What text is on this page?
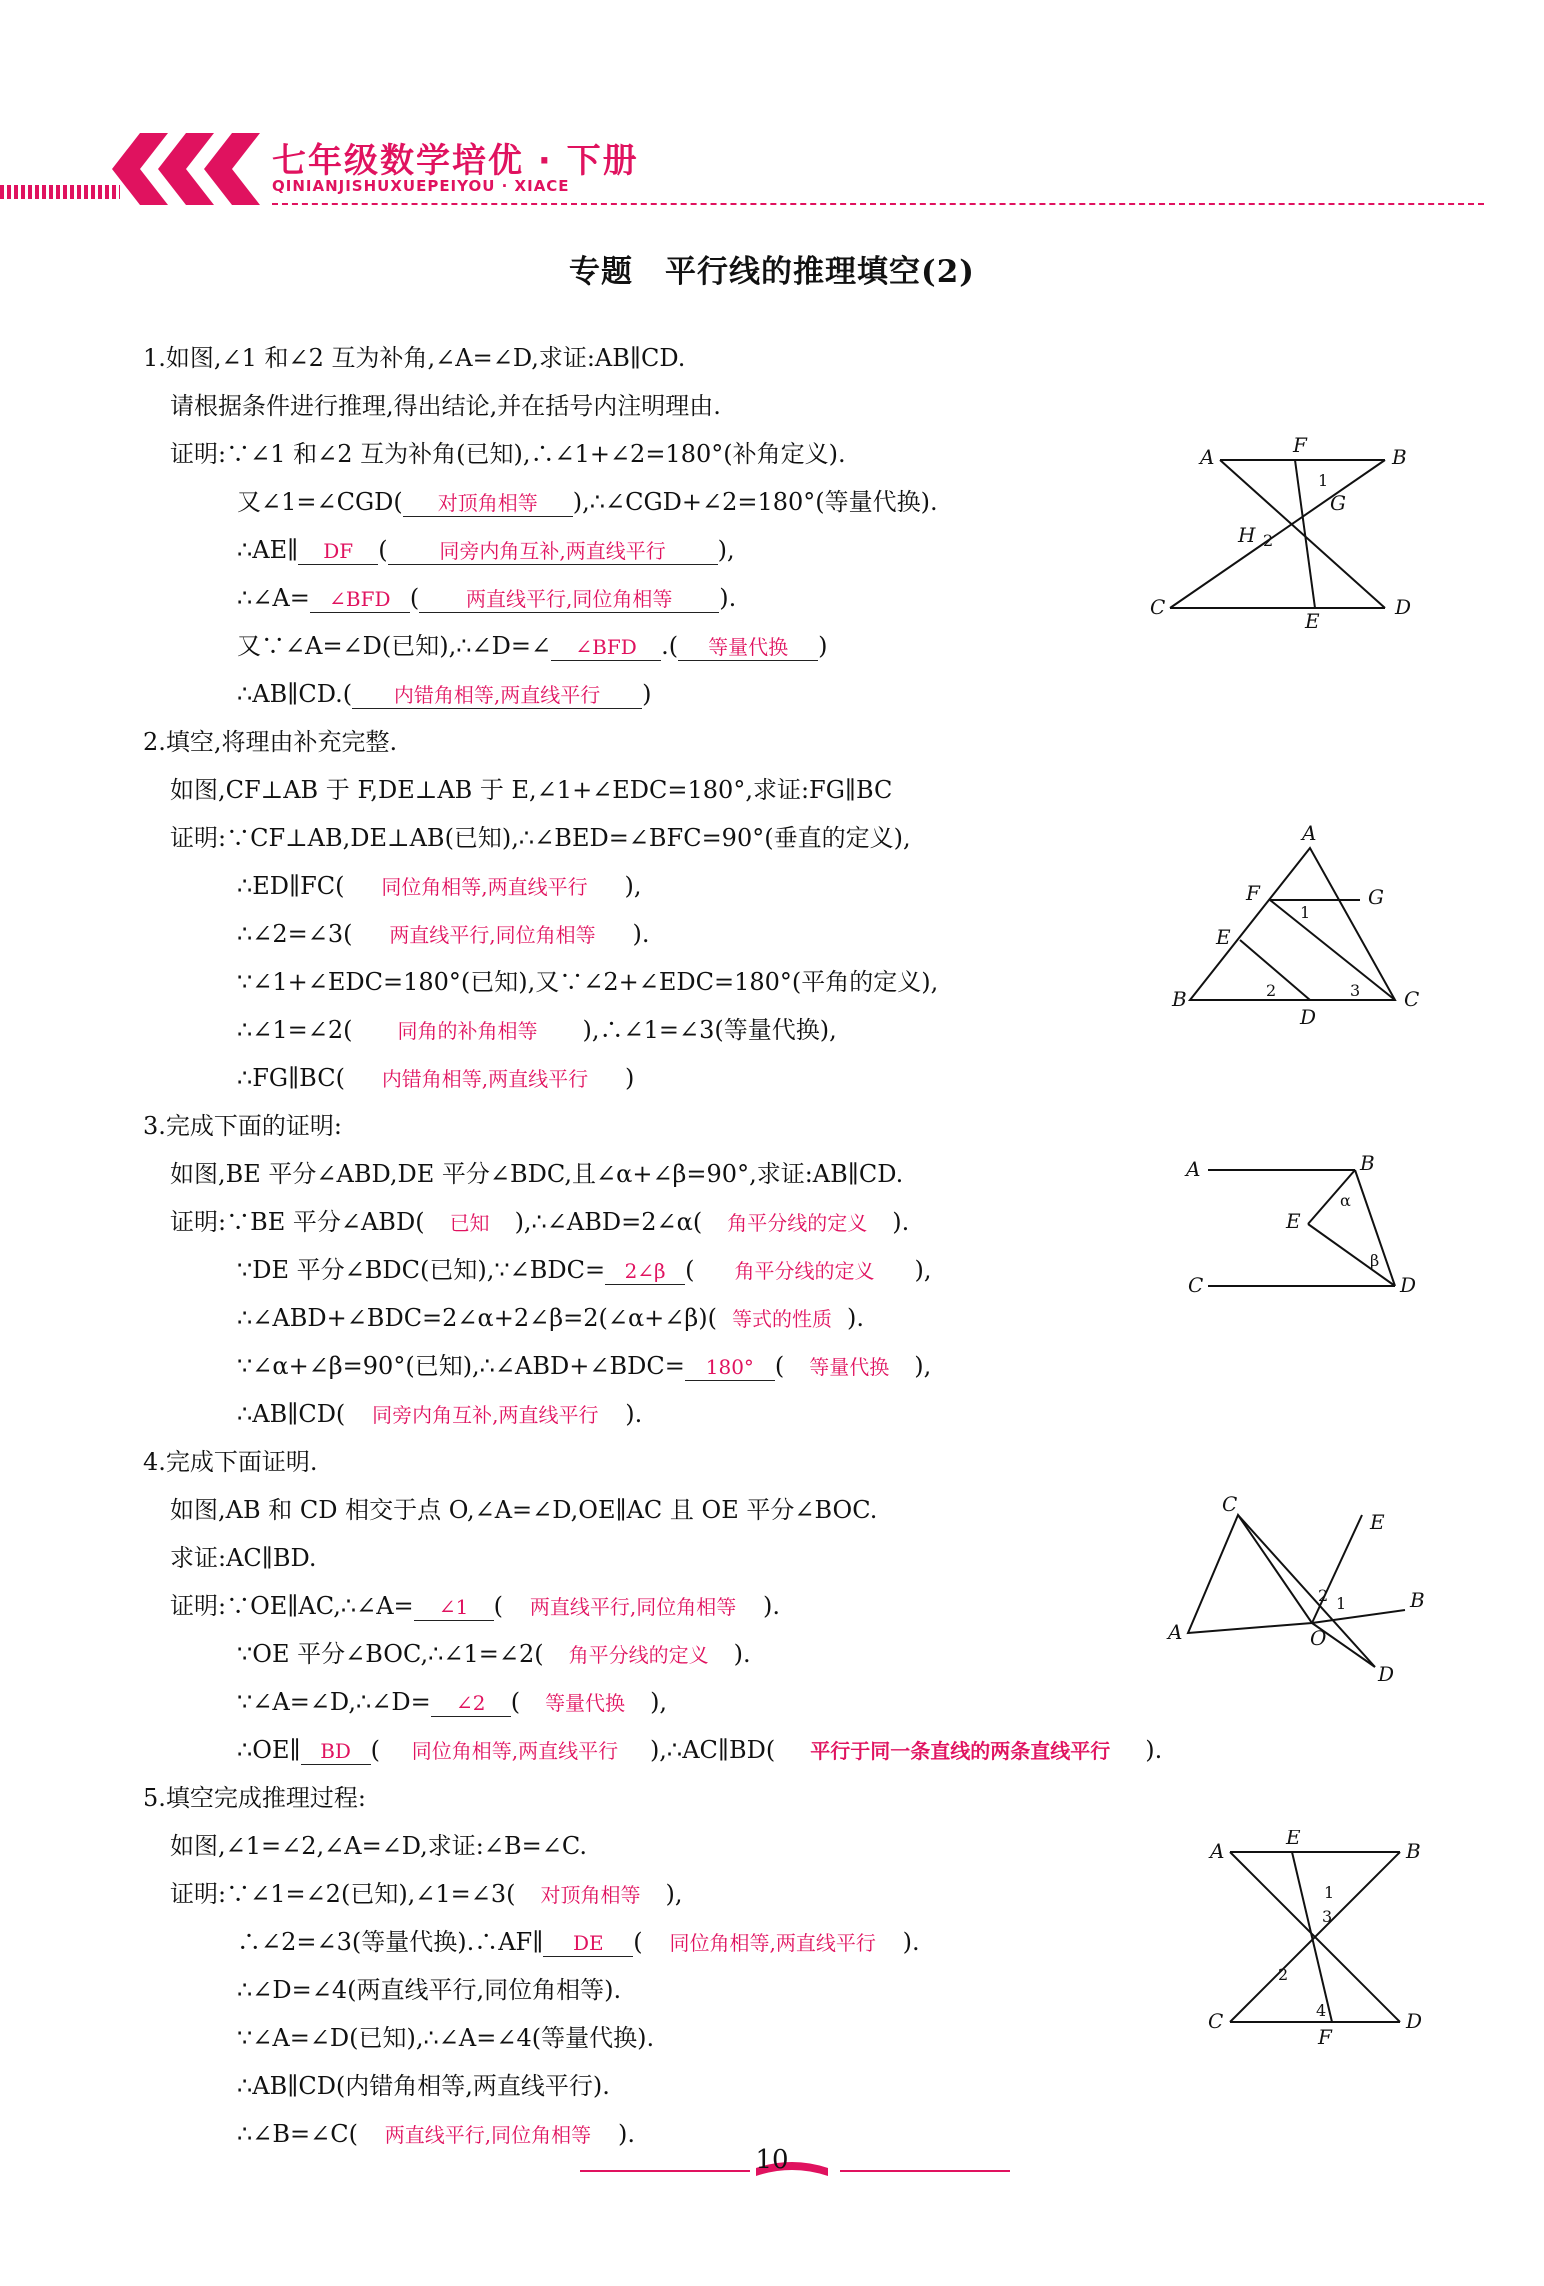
七年级数学培优 · 下册
QINIANJISHUXUEPEIYOU · XIACE
专题　平行线的推理填空(2)
1.如图,∠1 和∠2 互为补角,∠A=∠D,求证:AB∥CD.
请根据条件进行推理,得出结论,并在括号内注明理由.
证明:∵∠1 和∠2 互为补角(已知),∴∠1+∠2=180°(补角定义).
又∠1=∠CGD( 对顶角相等 ),∴∠CGD+∠2=180°(等量代换).
∴AE∥ DF (	同旁内角互补,两直线平行 ),
∴∠A= ∠BFD ( 两直线平行,同位角相等 ).
又∵∠A=∠D(已知),∴∠D=∠ ∠BFD .( 等量代换 )
∴AB∥CD.( 内错角相等,两直线平行 )
A	B
C	D
F
E
G
H
1
2
2.填空,将理由补充完整.
如图,CF⊥AB 于 F,DE⊥AB 于 E,∠1+∠EDC=180°,求证:FG∥BC
证明:∵CF⊥AB,DE⊥AB(已知),∴∠BED=∠BFC=90°(垂直的定义),
∴ED∥FC( 同位角相等,两直线平行 ),
∴∠2=∠3( 两直线平行,同位角相等 ).
∵∠1+∠EDC=180°(已知),又∵∠2+∠EDC=180°(平角的定义),
∴∠1=∠2( 同角的补角相等 ),∴∠1=∠3(等量代换),
∴FG∥BC( 内错角相等,两直线平行 )
A
B	C
D
E
F	G
1
2	3
3.完成下面的证明:
如图,BE 平分∠ABD,DE 平分∠BDC,且∠α+∠β=90°,求证:AB∥CD.
证明:∵BE 平分∠ABD( 已知 ),∴∠ABD=2∠α( 角平分线的定义 ).
∵DE 平分∠BDC(已知),∵∠BDC= 2∠β ( 角平分线的定义 ),
∴∠ABD+∠BDC=2∠α+2∠β=2(∠α+∠β)( 等式的性质 ).
∵∠α+∠β=90°(已知),∴∠ABD+∠BDC= 180° ( 等量代换 ),
∴AB∥CD( 同旁内角互补,两直线平行 ).
A	B
C	D
E
α
β
4.完成下面证明.
如图,AB 和 CD 相交于点 O,∠A=∠D,OE∥AC 且 OE 平分∠BOC.
求证:AC∥BD.
证明:∵OE∥AC,∴∠A= ∠1 ( 两直线平行,同位角相等 ).
∵OE 平分∠BOC,∴∠1=∠2( 角平分线的定义 ).
∵∠A=∠D,∴∠D= ∠2 ( 等量代换 ),
∴OE∥ BD ( 同位角相等,两直线平行 ),∴AC∥BD( 平行于同一条直线的两条直线平行 ).
C
A
E
B
D
O
2 1
5.填空完成推理过程:
如图,∠1=∠2,∠A=∠D,求证:∠B=∠C.
证明:∵∠1=∠2(已知),∠1=∠3( 对顶角相等 ),
∴∠2=∠3(等量代换).∴AF∥ DE ( 同位角相等,两直线平行 ).
∴∠D=∠4(两直线平行,同位角相等).
∵∠A=∠D(已知),∴∠A=∠4(等量代换).
∴AB∥CD(内错角相等,两直线平行).
∴∠B=∠C( 两直线平行,同位角相等 ).
A	B
C	D
E
F
1
3
2
4
10
